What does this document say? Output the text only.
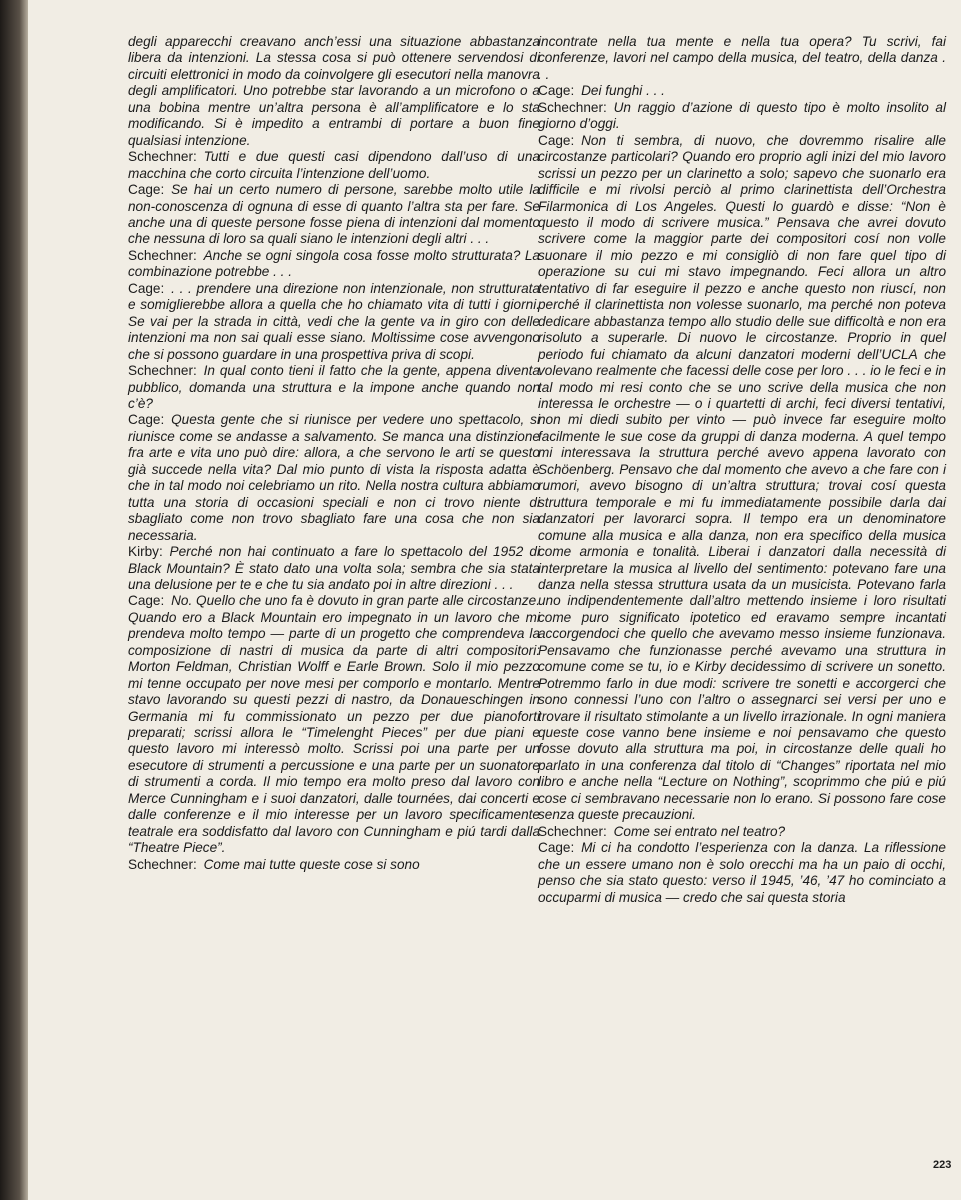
degli apparecchi creavano anch’essi una situazione abbastanza libera da intenzioni. La stessa cosa si può ottenere servendosi di circuiti elettronici in modo da coinvolgere gli esecutori nella manovra degli amplificatori. Uno potrebbe star lavorando a un microfono o a una bobina mentre un’altra persona è all’amplificatore e lo sta modificando. Si è impedito a entrambi di portare a buon fine qualsiasi intenzione.

Schechner:  Tutti e due questi casi dipendono dall’uso di una macchina che corto circuita l’intenzione dell’uomo.

Cage:  Se hai un certo numero di persone, sarebbe molto utile la non-conoscenza di ognuna di esse di quanto l’altra sta per fare. Se anche una di queste persone fosse piena di intenzioni dal momento che nessuna di loro sa quali siano le intenzioni degli altri . . .

Schechner:  Anche se ogni singola cosa fosse molto strutturata? La combinazione potrebbe . . .

Cage:  . . . prendere una direzione non intenzionale, non strutturata e somiglierebbe allora a quella che ho chiamato vita di tutti i giorni. Se vai per la strada in città, vedi che la gente va in giro con delle intenzioni ma non sai quali esse siano. Moltissime cose avvengono che si possono guardare in una prospettiva priva di scopi.

Schechner:  In qual conto tieni il fatto che la gente, appena diventa pubblico, domanda una struttura e la impone anche quando non c’è?

Cage:  Questa gente che si riunisce per vedere uno spettacolo, si riunisce come se andasse a salvamento. Se manca una distinzione fra arte e vita uno può dire: allora, a che servono le arti se questo già succede nella vita? Dal mio punto di vista la risposta adatta è che in tal modo noi celebriamo un rito. Nella nostra cultura abbiamo tutta una storia di occasioni speciali e non ci trovo niente di sbagliato come non trovo sbagliato fare una cosa che non sia necessaria.

Kirby:  Perché non hai continuato a fare lo spettacolo del 1952 di Black Mountain? È stato dato una volta sola; sembra che sia stata una delusione per te e che tu sia andato poi in altre direzioni . . .

Cage:  No. Quello che uno fa è dovuto in gran parte alle circostanze. Quando ero a Black Mountain ero impegnato in un lavoro che mi prendeva molto tempo — parte di un progetto che comprendeva la composizione di nastri di musica da parte di altri compositori: Morton Feldman, Christian Wolff e Earle Brown. Solo il mio pezzo mi tenne occupato per nove mesi per comporlo e montarlo. Mentre stavo lavorando su questi pezzi di nastro, da Donaueschingen in Germania mi fu commissionato un pezzo per due pianoforti preparati; scrissi allora le “Timelenght Pieces” per due piani e questo lavoro mi interessò molto. Scrissi poi una parte per un esecutore di strumenti a percussione e una parte per un suonatore di strumenti a corda. Il mio tempo era molto preso dal lavoro con Merce Cunningham e i suoi danzatori, dalle tournées, dai concerti e dalle conferenze e il mio interesse per un lavoro specificamente teatrale era soddisfatto dal lavoro con Cunningham e piú tardi dalla “Theatre Piece”.

Schechner:  Come mai tutte queste cose si sono

incontrate nella tua mente e nella tua opera? Tu scrivi, fai conferenze, lavori nel campo della musica, del teatro, della danza . . .

Cage:  Dei funghi . . .

Schechner:  Un raggio d’azione di questo tipo è molto insolito al giorno d’oggi.

Cage:  Non ti sembra, di nuovo, che dovremmo risalire alle circostanze particolari? Quando ero proprio agli inizi del mio lavoro scrissi un pezzo per un clarinetto a solo; sapevo che suonarlo era difficile e mi rivolsi perciò al primo clarinettista dell’Orchestra Filarmonica di Los Angeles. Questi lo guardò e disse: “Non è questo il modo di scrivere musica.” Pensava che avrei dovuto scrivere come la maggior parte dei compositori cosí non volle suonare il mio pezzo e mi consigliò di non fare quel tipo di operazione su cui mi stavo impegnando. Feci allora un altro tentativo di far eseguire il pezzo e anche questo non riuscí, non perché il clarinettista non volesse suonarlo, ma perché non poteva dedicare abbastanza tempo allo studio delle sue difficoltà e non era risoluto a superarle. Di nuovo le circostanze. Proprio in quel periodo fui chiamato da alcuni danzatori moderni dell’UCLA che volevano realmente che facessi delle cose per loro . . . io le feci e in tal modo mi resi conto che se uno scrive della musica che non interessa le orchestre — o i quartetti di archi, feci diversi tentativi, non mi diedi subito per vinto — può invece far eseguire molto facilmente le sue cose da gruppi di danza moderna. A quel tempo mi interessava la struttura perché avevo appena lavorato con Schöenberg. Pensavo che dal momento che avevo a che fare con i rumori, avevo bisogno di un’altra struttura; trovai cosí questa struttura temporale e mi fu immediatamente possibile darla dai danzatori per lavorarci sopra. Il tempo era un denominatore comune alla musica e alla danza, non era specifico della musica come armonia e tonalità. Liberai i danzatori dalla necessità di interpretare la musica al livello del sentimento: potevano fare una danza nella stessa struttura usata da un musicista. Potevano farla uno indipendentemente dall’altro mettendo insieme i loro risultati come puro significato ipotetico ed eravamo sempre incantati accorgendoci che quello che avevamo messo insieme funzionava. Pensavamo che funzionasse perché avevamo una struttura in comune come se tu, io e Kirby decidessimo di scrivere un sonetto. Potremmo farlo in due modi: scrivere tre sonetti e accorgerci che sono connessi l’uno con l’altro o assegnarci sei versi per uno e trovare il risultato stimolante a un livello irrazionale. In ogni maniera queste cose vanno bene insieme e noi pensavamo che questo fosse dovuto alla struttura ma poi, in circostanze delle quali ho parlato in una conferenza dal titolo di “Changes” riportata nel mio libro e anche nella “Lecture on Nothing”, scoprimmo che piú e piú cose ci sembravano necessarie non lo erano. Si possono fare cose senza queste precauzioni.

Schechner:  Come sei entrato nel teatro?

Cage:  Mi ci ha condotto l’esperienza con la danza. La riflessione che un essere umano non è solo orecchi ma ha un paio di occhi, penso che sia stato questo: verso il 1945, ’46, ’47 ho cominciato a occuparmi di musica — credo che sai questa storia

223
